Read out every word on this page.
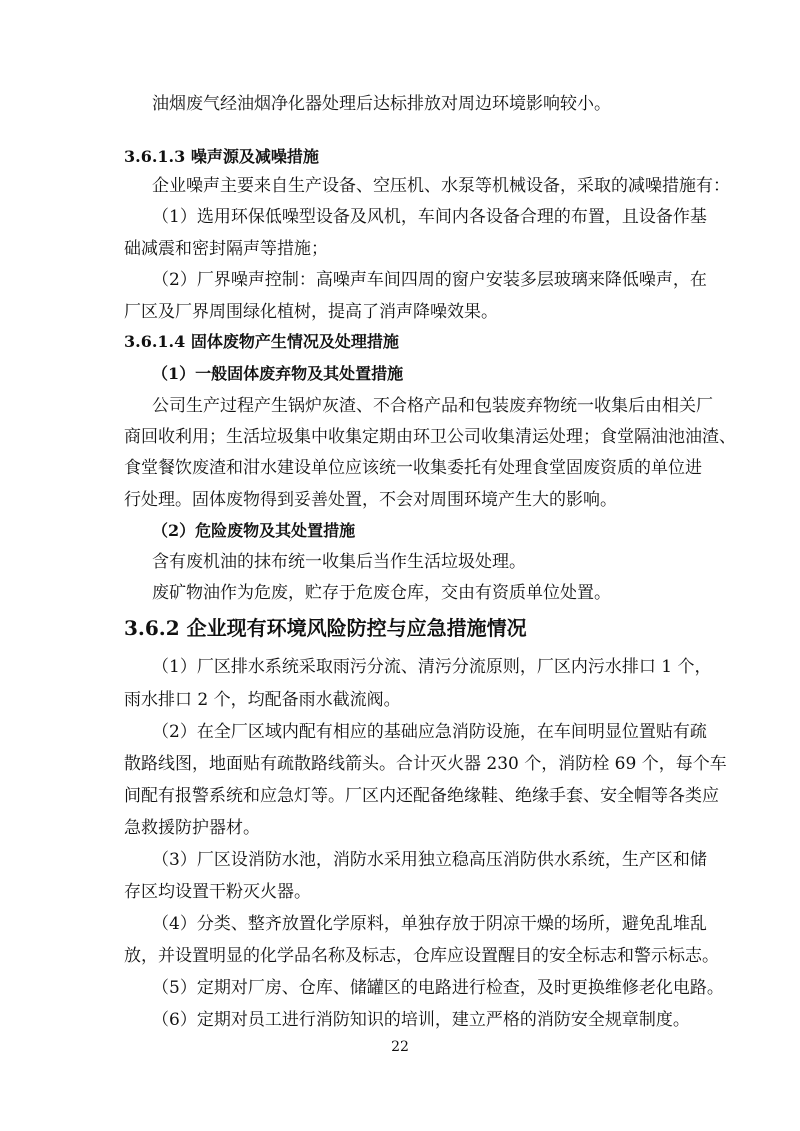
油烟废气经油烟净化器处理后达标排放对周边环境影响较小。
3.6.1.3 噪声源及减噪措施
企业噪声主要来自生产设备、空压机、水泵等机械设备，采取的减噪措施有：
（1）选用环保低噪型设备及风机，车间内各设备合理的布置，且设备作基
础减震和密封隔声等措施；
（2）厂界噪声控制：高噪声车间四周的窗户安装多层玻璃来降低噪声，在
厂区及厂界周围绿化植树，提高了消声降噪效果。
3.6.1.4 固体废物产生情况及处理措施
（1）一般固体废弃物及其处置措施
公司生产过程产生锅炉灰渣、不合格产品和包装废弃物统一收集后由相关厂
商回收利用；生活垃圾集中收集定期由环卫公司收集清运处理；食堂隔油池油渣、
食堂餐饮废渣和泔水建设单位应该统一收集委托有处理食堂固废资质的单位进
行处理。固体废物得到妥善处置，不会对周围环境产生大的影响。
（2）危险废物及其处置措施
含有废机油的抹布统一收集后当作生活垃圾处理。
废矿物油作为危废，贮存于危废仓库，交由有资质单位处置。
3.6.2 企业现有环境风险防控与应急措施情况
（1）厂区排水系统采取雨污分流、清污分流原则，厂区内污水排口 1 个，
雨水排口 2 个，均配备雨水截流阀。
（2）在全厂区域内配有相应的基础应急消防设施，在车间明显位置贴有疏
散路线图，地面贴有疏散路线箭头。合计灭火器 230 个，消防栓 69 个，每个车
间配有报警系统和应急灯等。厂区内还配备绝缘鞋、绝缘手套、安全帽等各类应
急救援防护器材。
（3）厂区设消防水池，消防水采用独立稳高压消防供水系统，生产区和储
存区均设置干粉灭火器。
（4）分类、整齐放置化学原料，单独存放于阴凉干燥的场所，避免乱堆乱
放，并设置明显的化学品名称及标志，仓库应设置醒目的安全标志和警示标志。
（5）定期对厂房、仓库、储罐区的电路进行检查，及时更换维修老化电路。
（6）定期对员工进行消防知识的培训，建立严格的消防安全规章制度。
22
